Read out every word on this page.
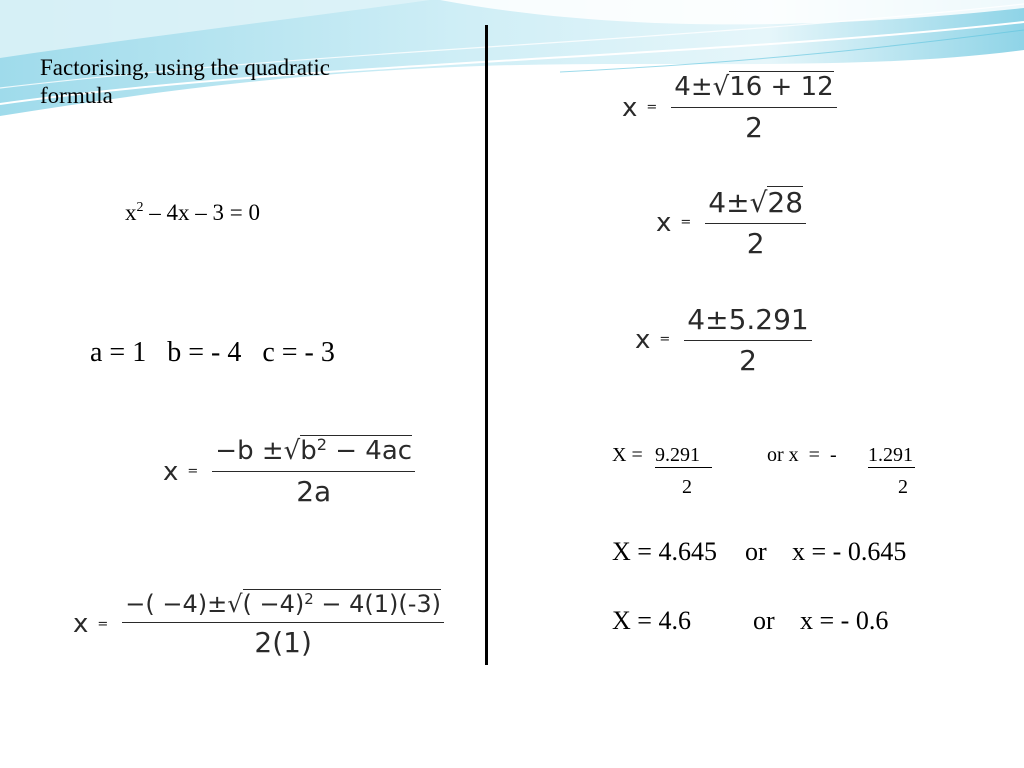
Factorising, using the quadratic
formula
$x^2 - 4x - 3 = 0$
a = 1   b = - 4   c = - 3
$x = \frac{-b \pm√b^2 - 4ac}{2a}$
$x = \frac{-( -4)\pm√( -4)^2 - 4(1)(-3)}{2(1)}$
$x = \frac{4\pm√16 + 12}{2}$
$x = \frac{4\pm√28}{2}$
$x = \frac{4\pm 5.291}{2}$
X = 9.291
2
or x  =  - 1.291
2
X = 4.645 or x = - 0.645
X = 4.6 or x = - 0.6
